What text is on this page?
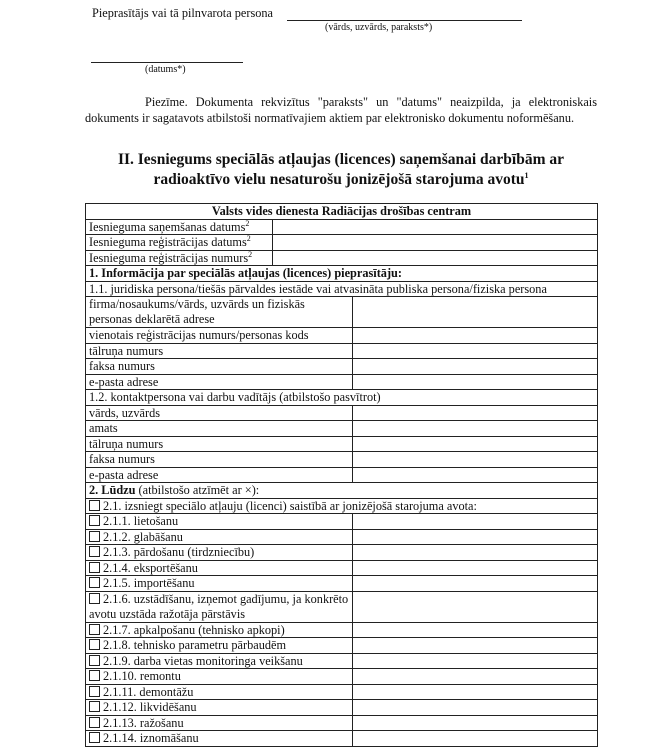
Pieprasītājs vai tā pilnvarota persona
(vārds, uzvārds, paraksts*)
(datums*)
Piezīme. Dokumenta rekvizītus "paraksts" un "datums" neaizpilda, ja elektroniskais dokuments ir sagatavots atbilstoši normatīvajiem aktiem par elektronisko dokumentu noformēšanu.
II. Iesniegums speciālās atļaujas (licences) saņemšanai darbībām ar radioaktīvo vielu nesaturošu jonizējošā starojuma avotu$^1$
Valsts vides dienesta Radiācijas drošības centram		
Iesnieguma saņemšanas datums$^2$	
Iesnieguma reģistrācijas datums$^2$	
Iesnieguma reģistrācijas numurs$^2$	
1. Informācija par speciālās atļaujas (licences) pieprasītāju:		
1.1. juridiska persona/tiešās pārvaldes iestāde vai atvasināta publiska persona/fiziska persona		
firma/nosaukums/vārds, uzvārds un fiziskās personas deklarētā adrese		
vienotais reģistrācijas numurs/personas kods		
tālruņa numurs		
faksa numurs		
e-pasta adrese		
1.2. kontaktpersona vai darbu vadītājs (atbilstošo pasvītrot)		
vārds, uzvārds		
amats		
tālruņa numurs		
faksa numurs		
e-pasta adrese		
2. Lūdzu (atbilstošo atzīmēt ar ×):		
2.1. izsniegt speciālo atļauju (licenci) saistībā ar jonizējošā starojuma avota:		
2.1.1. lietošanu		
2.1.2. glabāšanu		
2.1.3. pārdošanu (tirdzniecību)		
2.1.4. eksportēšanu		
2.1.5. importēšanu		
2.1.6. uzstādīšanu, izņemot gadījumu, ja konkrēto avotu uzstāda ražotāja pārstāvis		
2.1.7. apkalpošanu (tehnisko apkopi)		
2.1.8. tehnisko parametru pārbaudēm		
2.1.9. darba vietas monitoringa veikšanu		
2.1.10. remontu		
2.1.11. demontāžu		
2.1.12. likvidēšanu		
2.1.13. ražošanu		
2.1.14. iznomāšanu		
